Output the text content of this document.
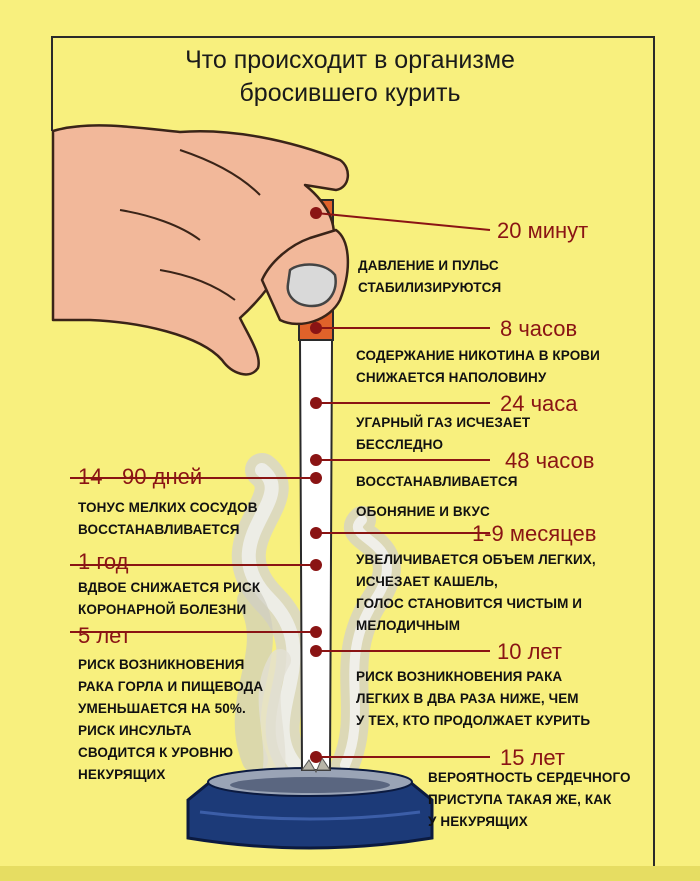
Что происходит в организме
бросившего курить
20 минут
ДАВЛЕНИЕ И ПУЛЬС
СТАБИЛИЗИРУЮТСЯ
8 часов
СОДЕРЖАНИЕ НИКОТИНА В КРОВИ
СНИЖАЕТСЯ НАПОЛОВИНУ
24 часа
УГАРНЫЙ ГАЗ ИСЧЕЗАЕТ
БЕССЛЕДНО
48 часов
ВОССТАНАВЛИВАЕТСЯ
ОБОНЯНИЕ И ВКУС
1-9 месяцев
УВЕЛИЧИВАЕТСЯ ОБЪЕМ ЛЕГКИХ,
ИСЧЕЗАЕТ КАШЕЛЬ,
ГОЛОС СТАНОВИТСЯ ЧИСТЫМ И
МЕЛОДИЧНЫМ
10 лет
РИСК ВОЗНИКНОВЕНИЯ РАКА
ЛЕГКИХ В ДВА РАЗА НИЖЕ, ЧЕМ
У ТЕХ, КТО ПРОДОЛЖАЕТ КУРИТЬ
15 лет
ВЕРОЯТНОСТЬ СЕРДЕЧНОГО
ПРИСТУПА ТАКАЯ ЖЕ, КАК
У НЕКУРЯЩИХ
14 - 90 дней
ТОНУС МЕЛКИХ СОСУДОВ
ВОССТАНАВЛИВАЕТСЯ
1 год
ВДВОЕ СНИЖАЕТСЯ РИСК
КОРОНАРНОЙ БОЛЕЗНИ
5 лет
РИСК ВОЗНИКНОВЕНИЯ
РАКА ГОРЛА И ПИЩЕВОДА
УМЕНЬШАЕТСЯ НА 50%.
РИСК ИНСУЛЬТА
СВОДИТСЯ К УРОВНЮ
НЕКУРЯЩИХ
